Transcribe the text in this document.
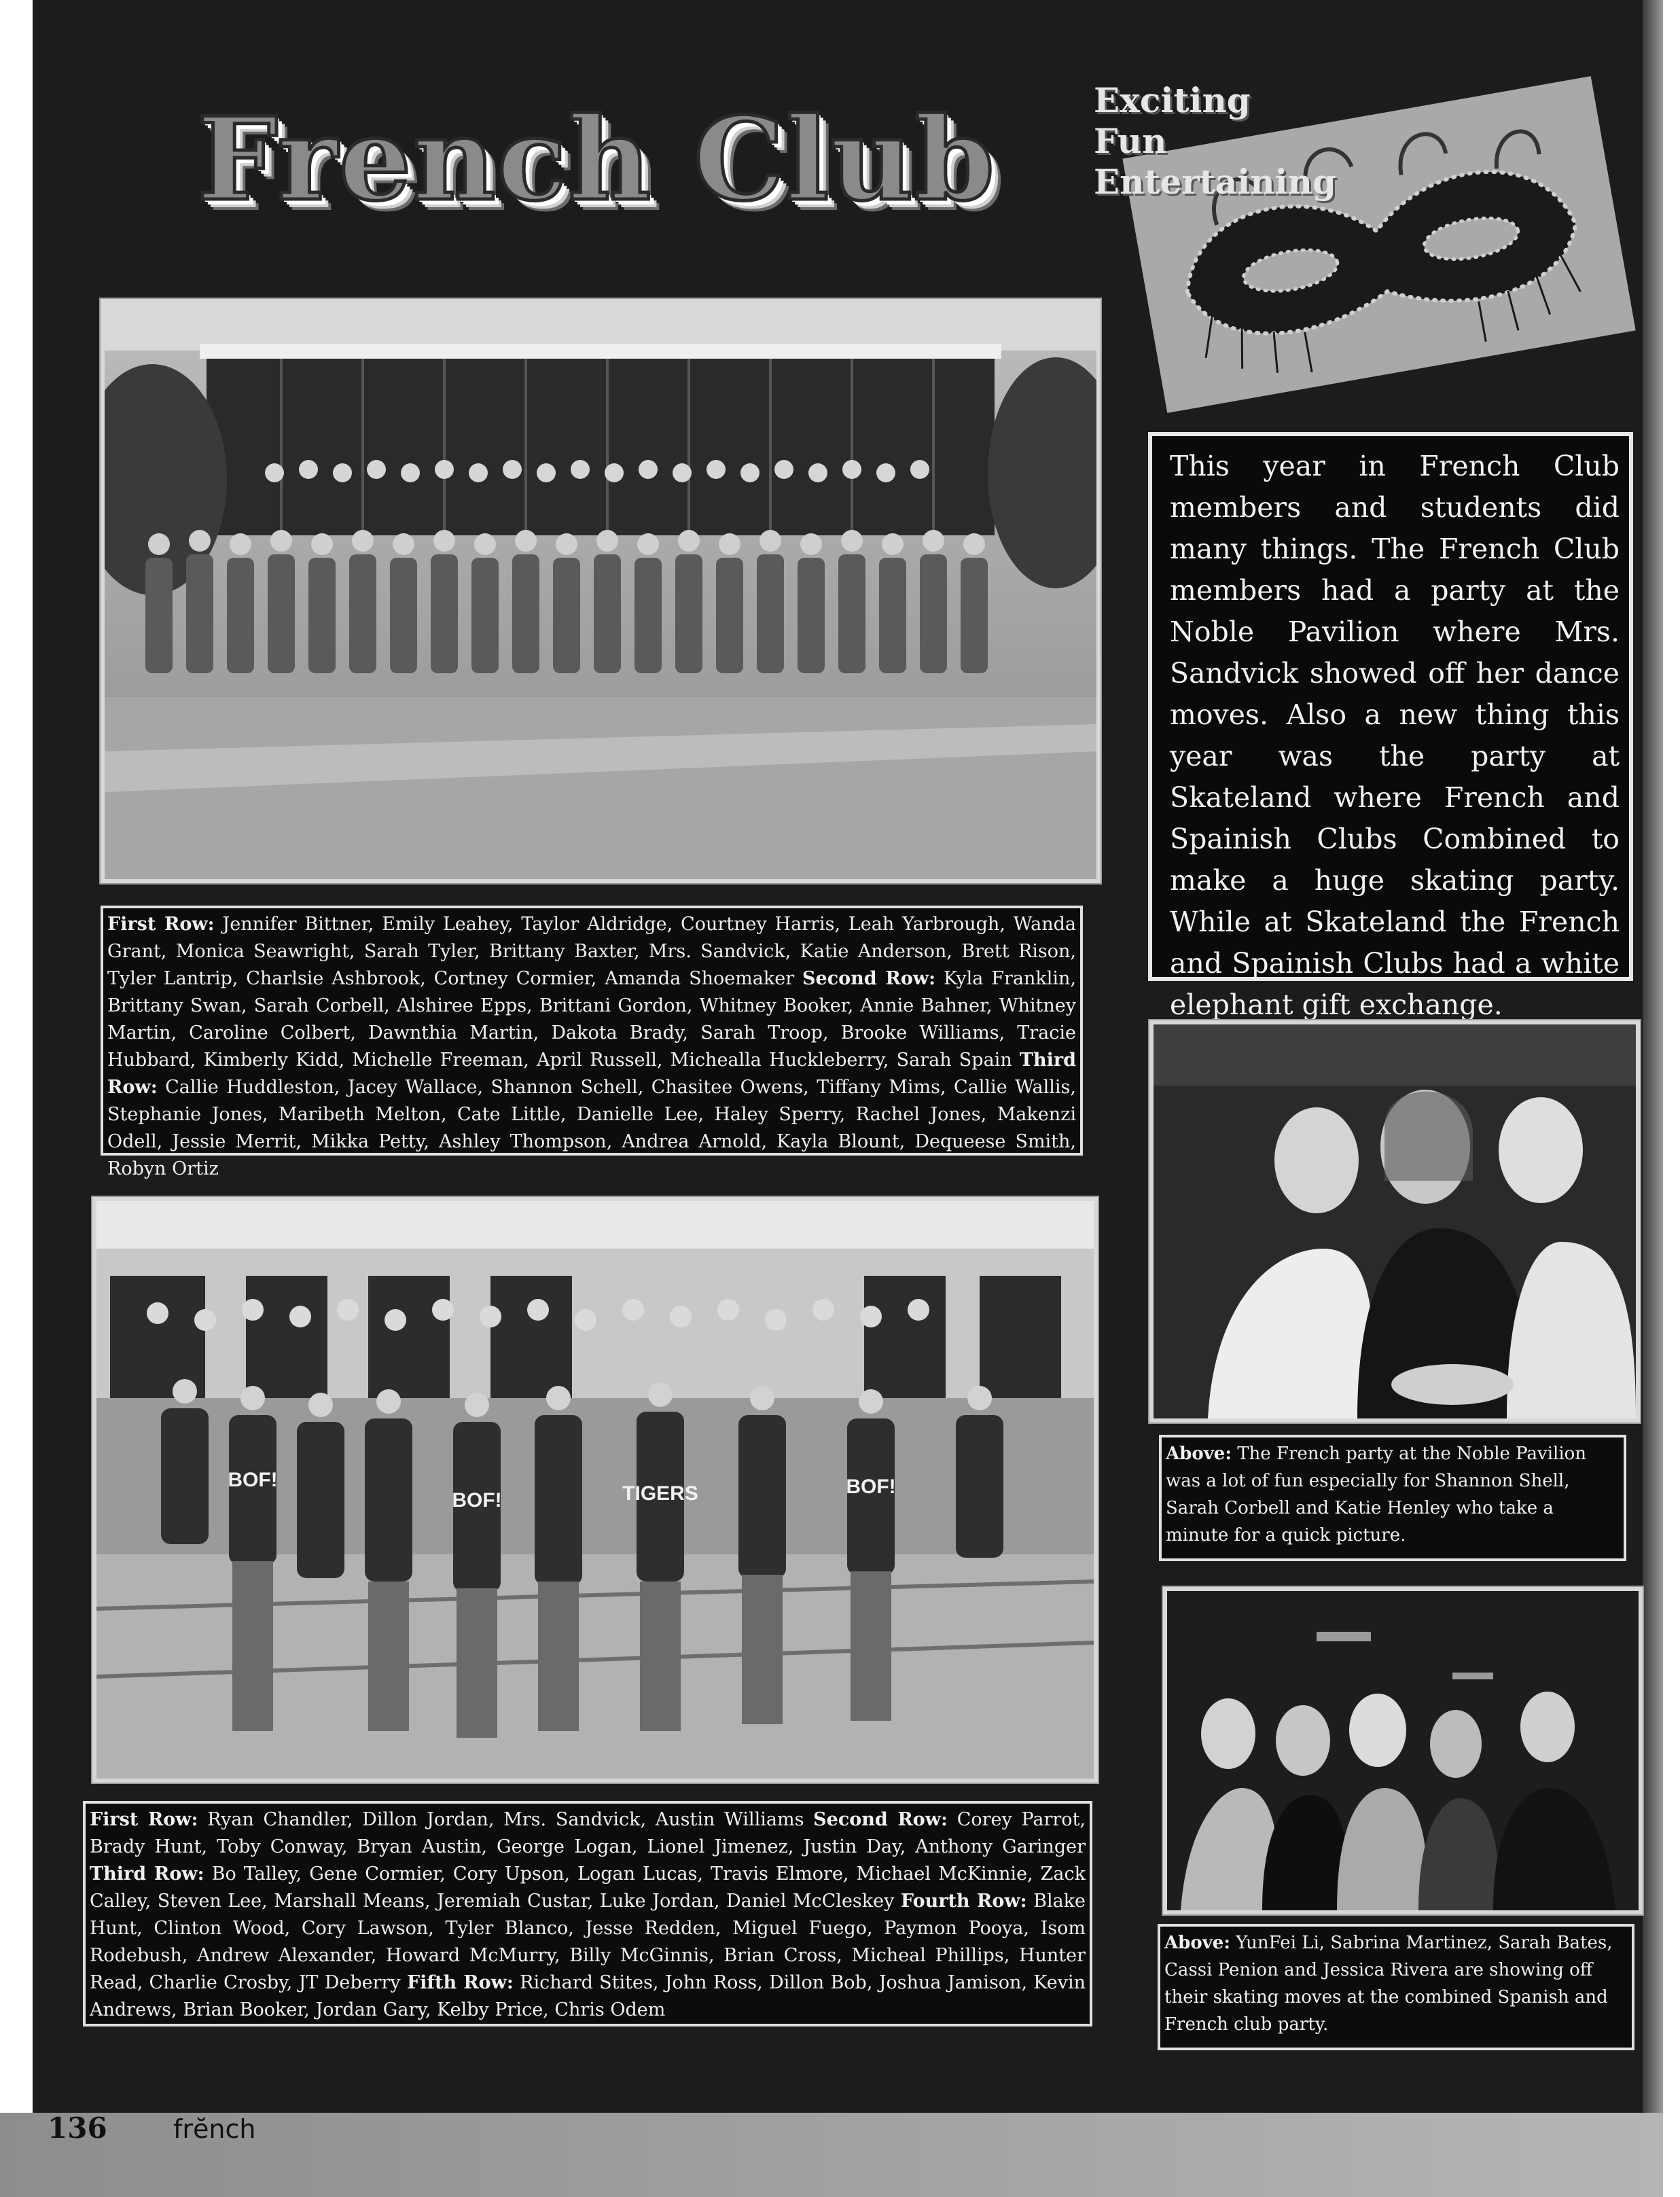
136	frĕnch
French Club	Exciting
Fun
Entertaining
This year in French Club members and students did many things. The French Club members had a party at the Noble Pavilion where Mrs. Sandvick showed off her dance moves. Also a new thing this year was the party at Skateland where French and Spainish Clubs Combined to make a huge skating party. While at Skateland the French and Spainish Clubs had a white elephant gift exchange.
First Row: Jennifer Bittner, Emily Leahey, Taylor Aldridge, Courtney Harris, Leah Yarbrough, Wanda Grant, Monica Seawright, Sarah Tyler, Brittany Baxter, Mrs. Sandvick, Katie Anderson, Brett Rison, Tyler Lantrip, Charlsie Ashbrook, Cortney Cormier, Amanda Shoemaker Second Row: Kyla Franklin, Brittany Swan, Sarah Corbell, Alshiree Epps, Brittani Gordon, Whitney Booker, Annie Bahner, Whitney Martin, Caroline Colbert, Dawnthia Martin, Dakota Brady, Sarah Troop, Brooke Williams, Tracie Hubbard, Kimberly Kidd, Michelle Freeman, April Russell, Michealla Huckleberry, Sarah Spain Third Row: Callie Huddleston, Jacey Wallace, Shannon Schell, Chasitee Owens, Tiffany Mims, Callie Wallis, Stephanie Jones, Maribeth Melton, Cate Little, Danielle Lee, Haley Sperry, Rachel Jones, Makenzi Odell, Jessie Merrit, Mikka Petty, Ashley Thompson, Andrea Arnold, Kayla Blount, Dequeese Smith, Robyn Ortiz
BOF!
BOF!
BOF!
TIGERS
First Row: Ryan Chandler, Dillon Jordan, Mrs. Sandvick, Austin Williams Second Row: Corey Parrot, Brady Hunt, Toby Conway, Bryan Austin, George Logan, Lionel Jimenez, Justin Day, Anthony Garinger Third Row: Bo Talley, Gene Cormier, Cory Upson, Logan Lucas, Travis Elmore, Michael McKinnie, Zack Calley, Steven Lee, Marshall Means, Jeremiah Custar, Luke Jordan, Daniel McCleskey Fourth Row: Blake Hunt, Clinton Wood, Cory Lawson, Tyler Blanco, Jesse Redden, Miguel Fuego, Paymon Pooya, Isom Rodebush, Andrew Alexander, Howard McMurry, Billy McGinnis, Brian Cross, Micheal Phillips, Hunter Read, Charlie Crosby, JT Deberry Fifth Row: Richard Stites, John Ross, Dillon Bob, Joshua Jamison, Kevin Andrews, Brian Booker, Jordan Gary, Kelby Price, Chris Odem
Above: The French party at the Noble Pavilion was a lot of fun especially for Shannon Shell, Sarah Corbell and Katie Henley who take a minute for a quick picture.
Above: YunFei Li, Sabrina Martinez, Sarah Bates, Cassi Penion and Jessica Rivera are showing off their skating moves at the combined Spanish and French club party.
